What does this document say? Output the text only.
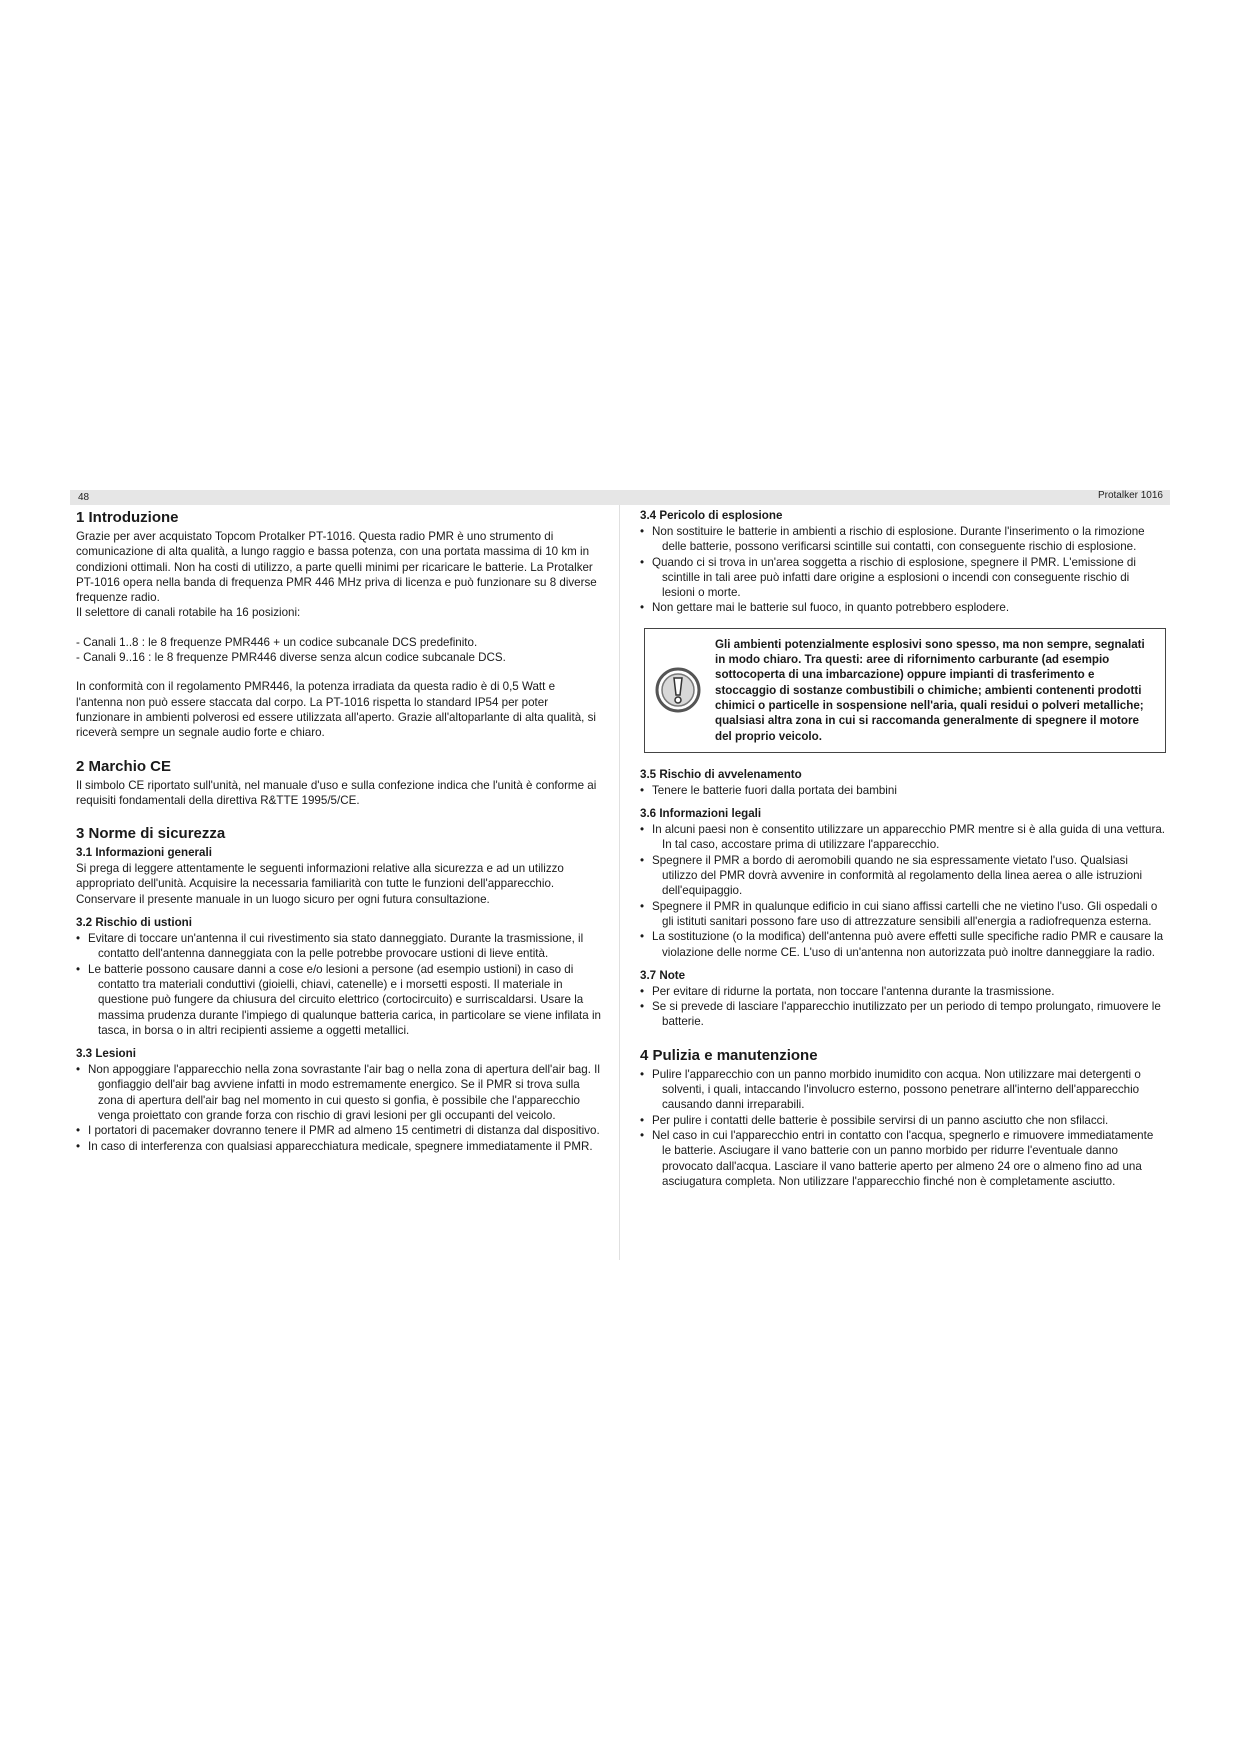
48	Protalker 1016
1 Introduzione

Grazie per aver acquistato Topcom Protalker PT-1016. Questa radio PMR è uno strumento di comunicazione di alta qualità, a lungo raggio e bassa potenza, con una portata massima di 10 km in condizioni ottimali. Non ha costi di utilizzo, a parte quelli minimi per ricaricare le batterie. La Protalker PT-1016 opera nella banda di frequenza PMR 446 MHz priva di licenza e può funzionare su 8 diverse frequenze radio.

Il selettore di canali rotabile ha 16 posizioni:

- Canali 1..8 : le 8 frequenze PMR446 + un codice subcanale DCS predefinito.

- Canali 9..16 : le 8 frequenze PMR446 diverse senza alcun codice subcanale DCS.

In conformità con il regolamento PMR446, la potenza irradiata da questa radio è di 0,5 Watt e l'antenna non può essere staccata dal corpo. La PT-1016 rispetta lo standard IP54 per poter funzionare in ambienti polverosi ed essere utilizzata all'aperto. Grazie all'altoparlante di alta qualità, si riceverà sempre un segnale audio forte e chiaro.

2 Marchio CE

Il simbolo CE riportato sull'unità, nel manuale d'uso e sulla confezione indica che l'unità è conforme ai requisiti fondamentali della direttiva R&TTE 1995/5/CE.

3 Norme di sicurezza
3.1 Informazioni generali

Si prega di leggere attentamente le seguenti informazioni relative alla sicurezza e ad un utilizzo appropriato dell'unità. Acquisire la necessaria familiarità con tutte le funzioni dell'apparecchio. Conservare il presente manuale in un luogo sicuro per ogni futura consultazione.

3.2 Rischio di ustioni
• Evitare di toccare un'antenna il cui rivestimento sia stato danneggiato. Durante la trasmissione, il contatto dell'antenna danneggiata con la pelle potrebbe provocare ustioni di lieve entità.
• Le batterie possono causare danni a cose e/o lesioni a persone (ad esempio ustioni) in caso di contatto tra materiali conduttivi (gioielli, chiavi, catenelle) e i morsetti esposti. Il materiale in questione può fungere da chiusura del circuito elettrico (cortocircuito) e surriscaldarsi. Usare la massima prudenza durante l'impiego di qualunque batteria carica, in particolare se viene infilata in tasca, in borsa o in altri recipienti assieme a oggetti metallici.
3.3 Lesioni
• Non appoggiare l'apparecchio nella zona sovrastante l'air bag o nella zona di apertura dell'air bag. Il gonfiaggio dell'air bag avviene infatti in modo estremamente energico. Se il PMR si trova sulla zona di apertura dell'air bag nel momento in cui questo si gonfia, è possibile che l'apparecchio venga proiettato con grande forza con rischio di gravi lesioni per gli occupanti del veicolo.
• I portatori di pacemaker dovranno tenere il PMR ad almeno 15 centimetri di distanza dal dispositivo.
• In caso di interferenza con qualsiasi apparecchiatura medicale, spegnere immediatamente il PMR.
3.4 Pericolo di esplosione
• Non sostituire le batterie in ambienti a rischio di esplosione. Durante l'inserimento o la rimozione delle batterie, possono verificarsi scintille sui contatti, con conseguente rischio di esplosione.
• Quando ci si trova in un'area soggetta a rischio di esplosione, spegnere il PMR. L'emissione di scintille in tali aree può infatti dare origine a esplosioni o incendi con conseguente rischio di lesioni o morte.
• Non gettare mai le batterie sul fuoco, in quanto potrebbero esplodere.
Gli ambienti potenzialmente esplosivi sono spesso, ma non sempre, segnalati in modo chiaro. Tra questi: aree di rifornimento carburante (ad esempio sottocoperta di una imbarcazione) oppure impianti di trasferimento e stoccaggio di sostanze combustibili o chimiche; ambienti contenenti prodotti chimici o particelle in sospensione nell'aria, quali residui o polveri metalliche; qualsiasi altra zona in cui si raccomanda generalmente di spegnere il motore del proprio veicolo.
3.5 Rischio di avvelenamento
• Tenere le batterie fuori dalla portata dei bambini
3.6 Informazioni legali
• In alcuni paesi non è consentito utilizzare un apparecchio PMR mentre si è alla guida di una vettura. In tal caso, accostare prima di utilizzare l'apparecchio.
• Spegnere il PMR a bordo di aeromobili quando ne sia espressamente vietato l'uso. Qualsiasi utilizzo del PMR dovrà avvenire in conformità al regolamento della linea aerea o alle istruzioni dell'equipaggio.
• Spegnere il PMR in qualunque edificio in cui siano affissi cartelli che ne vietino l'uso. Gli ospedali o gli istituti sanitari possono fare uso di attrezzature sensibili all'energia a radiofrequenza esterna.
• La sostituzione (o la modifica) dell'antenna può avere effetti sulle specifiche radio PMR e causare la violazione delle norme CE. L'uso di un'antenna non autorizzata può inoltre danneggiare la radio.
3.7 Note
• Per evitare di ridurne la portata, non toccare l'antenna durante la trasmissione.
• Se si prevede di lasciare l'apparecchio inutilizzato per un periodo di tempo prolungato, rimuovere le batterie.
4 Pulizia e manutenzione
• Pulire l'apparecchio con un panno morbido inumidito con acqua. Non utilizzare mai detergenti o solventi, i quali, intaccando l'involucro esterno, possono penetrare all'interno dell'apparecchio causando danni irreparabili.
• Per pulire i contatti delle batterie è possibile servirsi di un panno asciutto che non sfilacci.
• Nel caso in cui l'apparecchio entri in contatto con l'acqua, spegnerlo e rimuovere immediatamente le batterie. Asciugare il vano batterie con un panno morbido per ridurre l'eventuale danno provocato dall'acqua. Lasciare il vano batterie aperto per almeno 24 ore o almeno fino ad una asciugatura completa. Non utilizzare l'apparecchio finché non è completamente asciutto.
